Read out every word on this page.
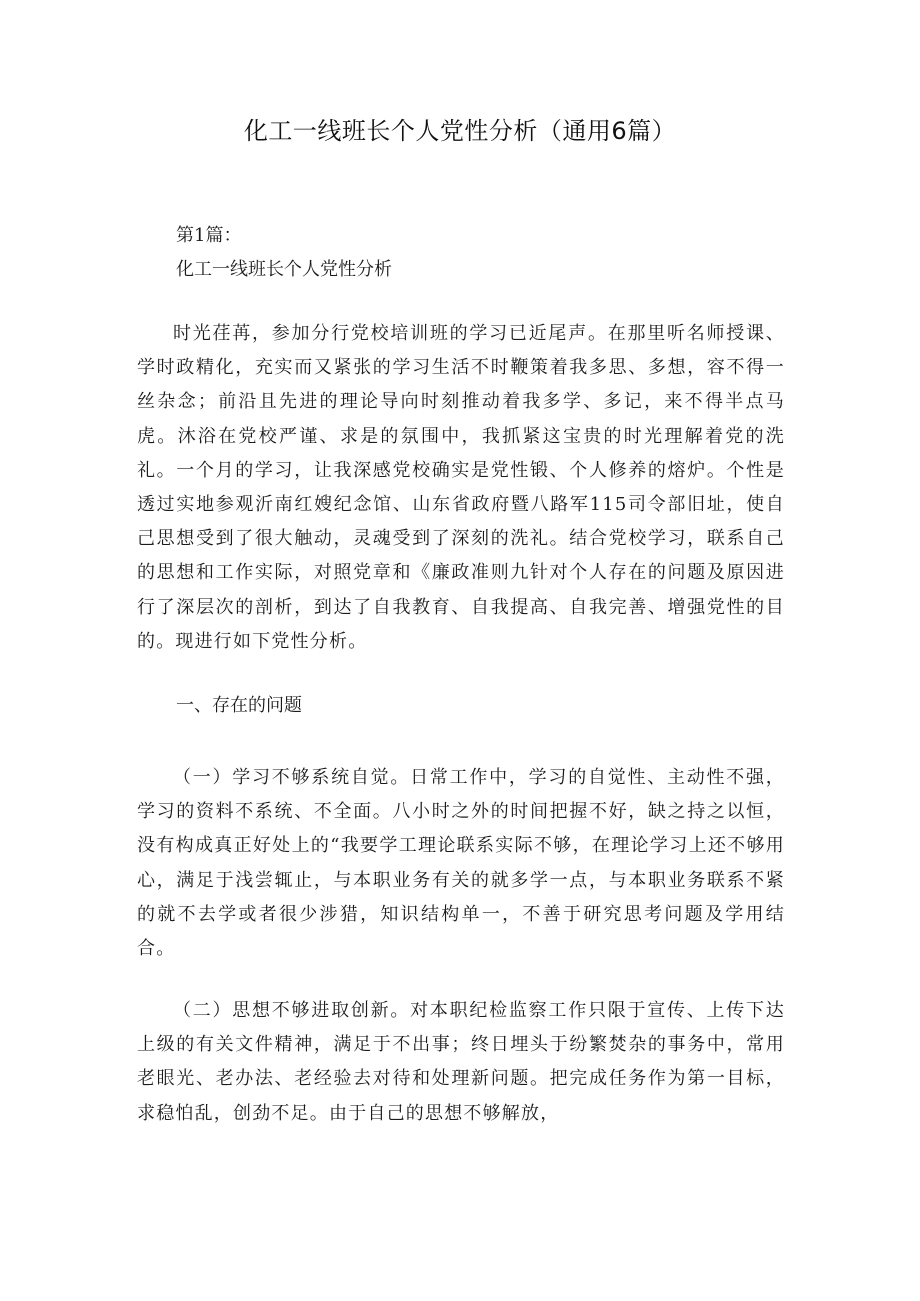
化工一线班长个人党性分析（通用6篇）
第1篇：
化工一线班长个人党性分析
时光荏苒，参加分行党校培训班的学习已近尾声。在那里听名师授课、学时政精化，充实而又紧张的学习生活不时鞭策着我多思、多想，容不得一丝杂念；前沿且先进的理论导向时刻推动着我多学、多记，来不得半点马虎。沐浴在党校严谨、求是的氛围中，我抓紧这宝贵的时光理解着党的洗礼。一个月的学习，让我深感党校确实是党性锻、个人修养的熔炉。个性是透过实地参观沂南红嫂纪念馆、山东省政府暨八路军115司令部旧址，使自己思想受到了很大触动，灵魂受到了深刻的洗礼。结合党校学习，联系自己的思想和工作实际，对照党章和《廉政准则九针对个人存在的问题及原因进行了深层次的剖析，到达了自我教育、自我提高、自我完善、增强党性的目的。现进行如下党性分析。
一、存在的问题
（一）学习不够系统自觉。日常工作中，学习的自觉性、主动性不强，学习的资料不系统、不全面。八小时之外的时间把握不好，缺之持之以恒，没有构成真正好处上的“我要学工理论联系实际不够，在理论学习上还不够用心，满足于浅尝辄止，与本职业务有关的就多学一点，与本职业务联系不紧的就不去学或者很少涉猎，知识结构单一，不善于研究思考问题及学用结合。
（二）思想不够进取创新。对本职纪检监察工作只限于宣传、上传下达上级的有关文件精神，满足于不出事；终日埋头于纷繁焚杂的事务中，常用老眼光、老办法、老经验去对待和处理新问题。把完成任务作为第一目标，求稳怕乱，创劲不足。由于自己的思想不够解放，
